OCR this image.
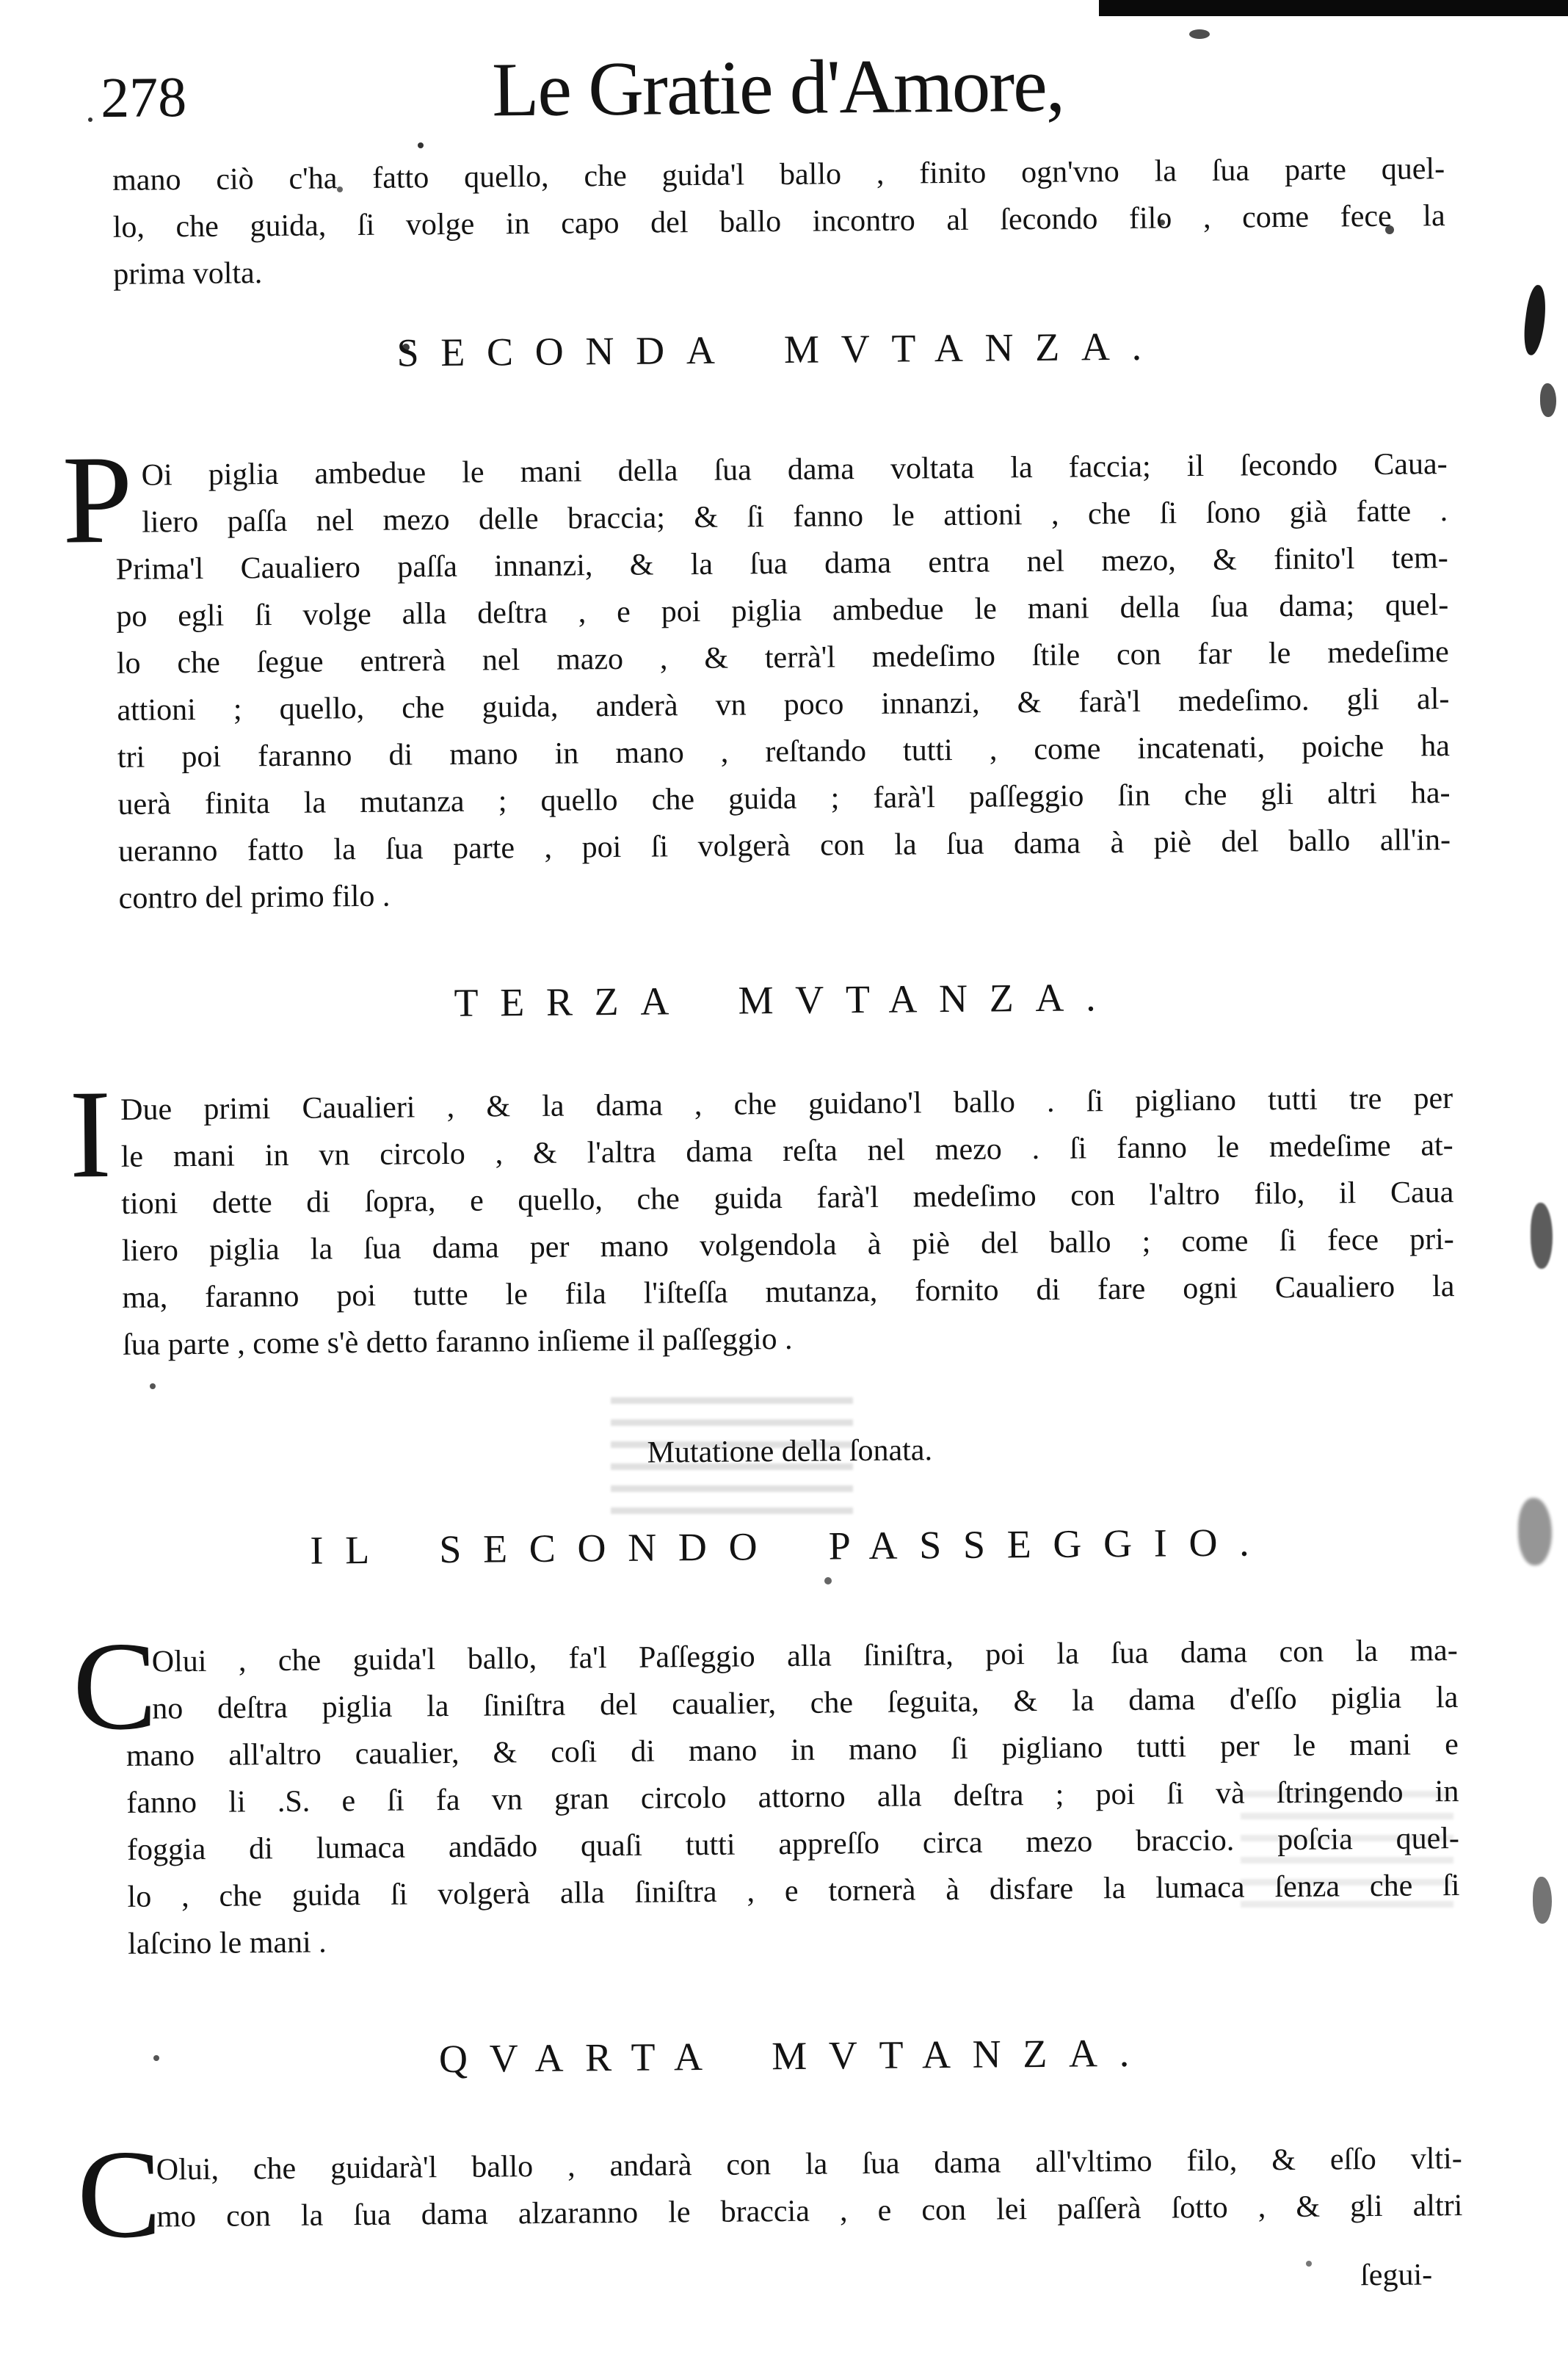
278	Le Gratie d'Amore,
mano ciò c'ha fatto quello, che guida'l ballo , finito ogn'vno la ſua parte quel-
lo, che guida, ſi volge in capo del ballo incontro al ſecondo filo , come fece la
prima volta.
SECONDA MVTANZA.
P Oi piglia ambedue le mani della ſua dama voltata la faccia; il ſecondo Caua-
liero paſſa nel mezo delle braccia; & ſi fanno le attioni , che ſi ſono già fatte .
Prima'l Caualiero paſſa innanzi, & la ſua dama entra nel mezo, & finito'l tem-
po egli ſi volge alla deſtra , e poi piglia ambedue le mani della ſua dama; quel-
lo che ſegue entrerà nel mazo , & terrà'l medeſimo ſtile con far le medeſime
attioni ; quello, che guida, anderà vn poco innanzi, & farà'l medeſimo. gli al-
tri poi faranno di mano in mano , reſtando tutti , come incatenati, poiche ha
uerà finita la mutanza ; quello che guida ; farà'l paſſeggio ſin che gli altri ha-
ueranno fatto la ſua parte , poi ſi volgerà con la ſua dama à piè del ballo all'in-
contro del primo filo .
TERZA MVTANZA.
I Due primi Caualieri , & la dama , che guidano'l ballo . ſi pigliano tutti tre per
le mani in vn circolo , & l'altra dama reſta nel mezo . ſi fanno le medeſime at-
tioni dette di ſopra, e quello, che guida farà'l medeſimo con l'altro filo, il Caua
liero piglia la ſua dama per mano volgendola à piè del ballo ; come ſi fece pri-
ma, faranno poi tutte le fila l'iſteſſa mutanza, fornito di fare ogni Caualiero la
ſua parte , come s'è detto faranno inſieme il paſſeggio .
Mutatione della ſonata.
IL SECONDO PASSEGGIO.
C
Olui , che guida'l ballo, fa'l Paſſeggio alla ſiniſtra, poi la ſua dama con la ma-
no deſtra piglia la ſiniſtra del caualier, che ſeguita, & la dama d'eſſo piglia la
mano all'altro caualier, & coſi di mano in mano ſi pigliano tutti per le mani e
fanno li .S. e ſi fa vn gran circolo attorno alla deſtra ; poi ſi và ſtringendo in
foggia di lumaca andādo quaſi tutti appreſſo circa mezo braccio. poſcia quel-
lo , che guida ſi volgerà alla ſiniſtra , e tornerà à disfare la lumaca ſenza che ſi
laſcino le mani .
QVARTA MVTANZA.
C
Olui, che guidarà'l ballo , andarà con la ſua dama all'vltimo filo, & eſſo vlti-
mo con la ſua dama alzaranno le braccia , e con lei paſſerà ſotto , & gli altri
ſegui-
